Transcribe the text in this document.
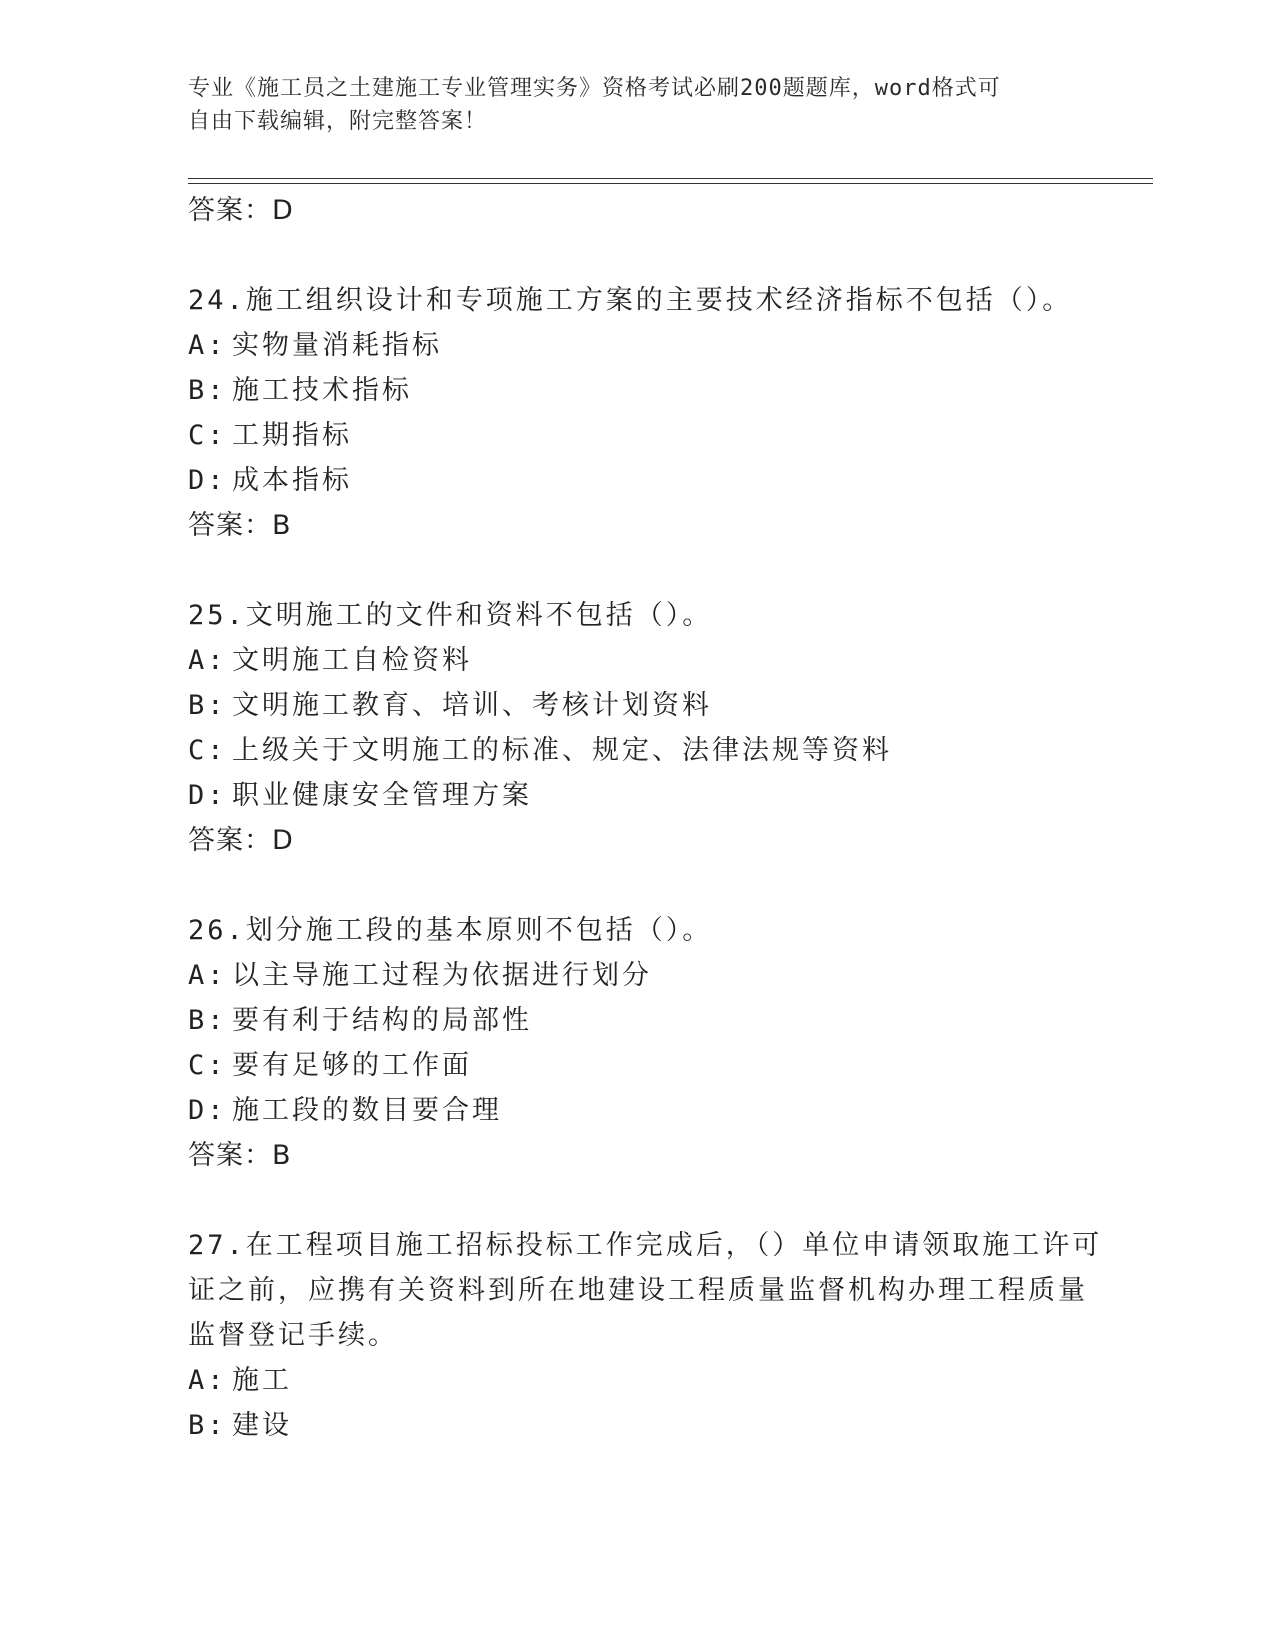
专业《施工员之土建施工专业管理实务》资格考试必刷200题题库，word格式可
自由下载编辑，附完整答案！
答案：D
24.施工组织设计和专项施工方案的主要技术经济指标不包括（）。
A: 实物量消耗指标
B: 施工技术指标
C: 工期指标
D: 成本指标
答案：B
25.文明施工的文件和资料不包括（）。
A: 文明施工自检资料
B: 文明施工教育、培训、考核计划资料
C: 上级关于文明施工的标准、规定、法律法规等资料
D: 职业健康安全管理方案
答案：D
26.划分施工段的基本原则不包括（）。
A: 以主导施工过程为依据进行划分
B: 要有利于结构的局部性
C: 要有足够的工作面
D: 施工段的数目要合理
答案：B
27.在工程项目施工招标投标工作完成后，（）单位申请领取施工许可
证之前，应携有关资料到所在地建设工程质量监督机构办理工程质量
监督登记手续。
A: 施工
B: 建设
